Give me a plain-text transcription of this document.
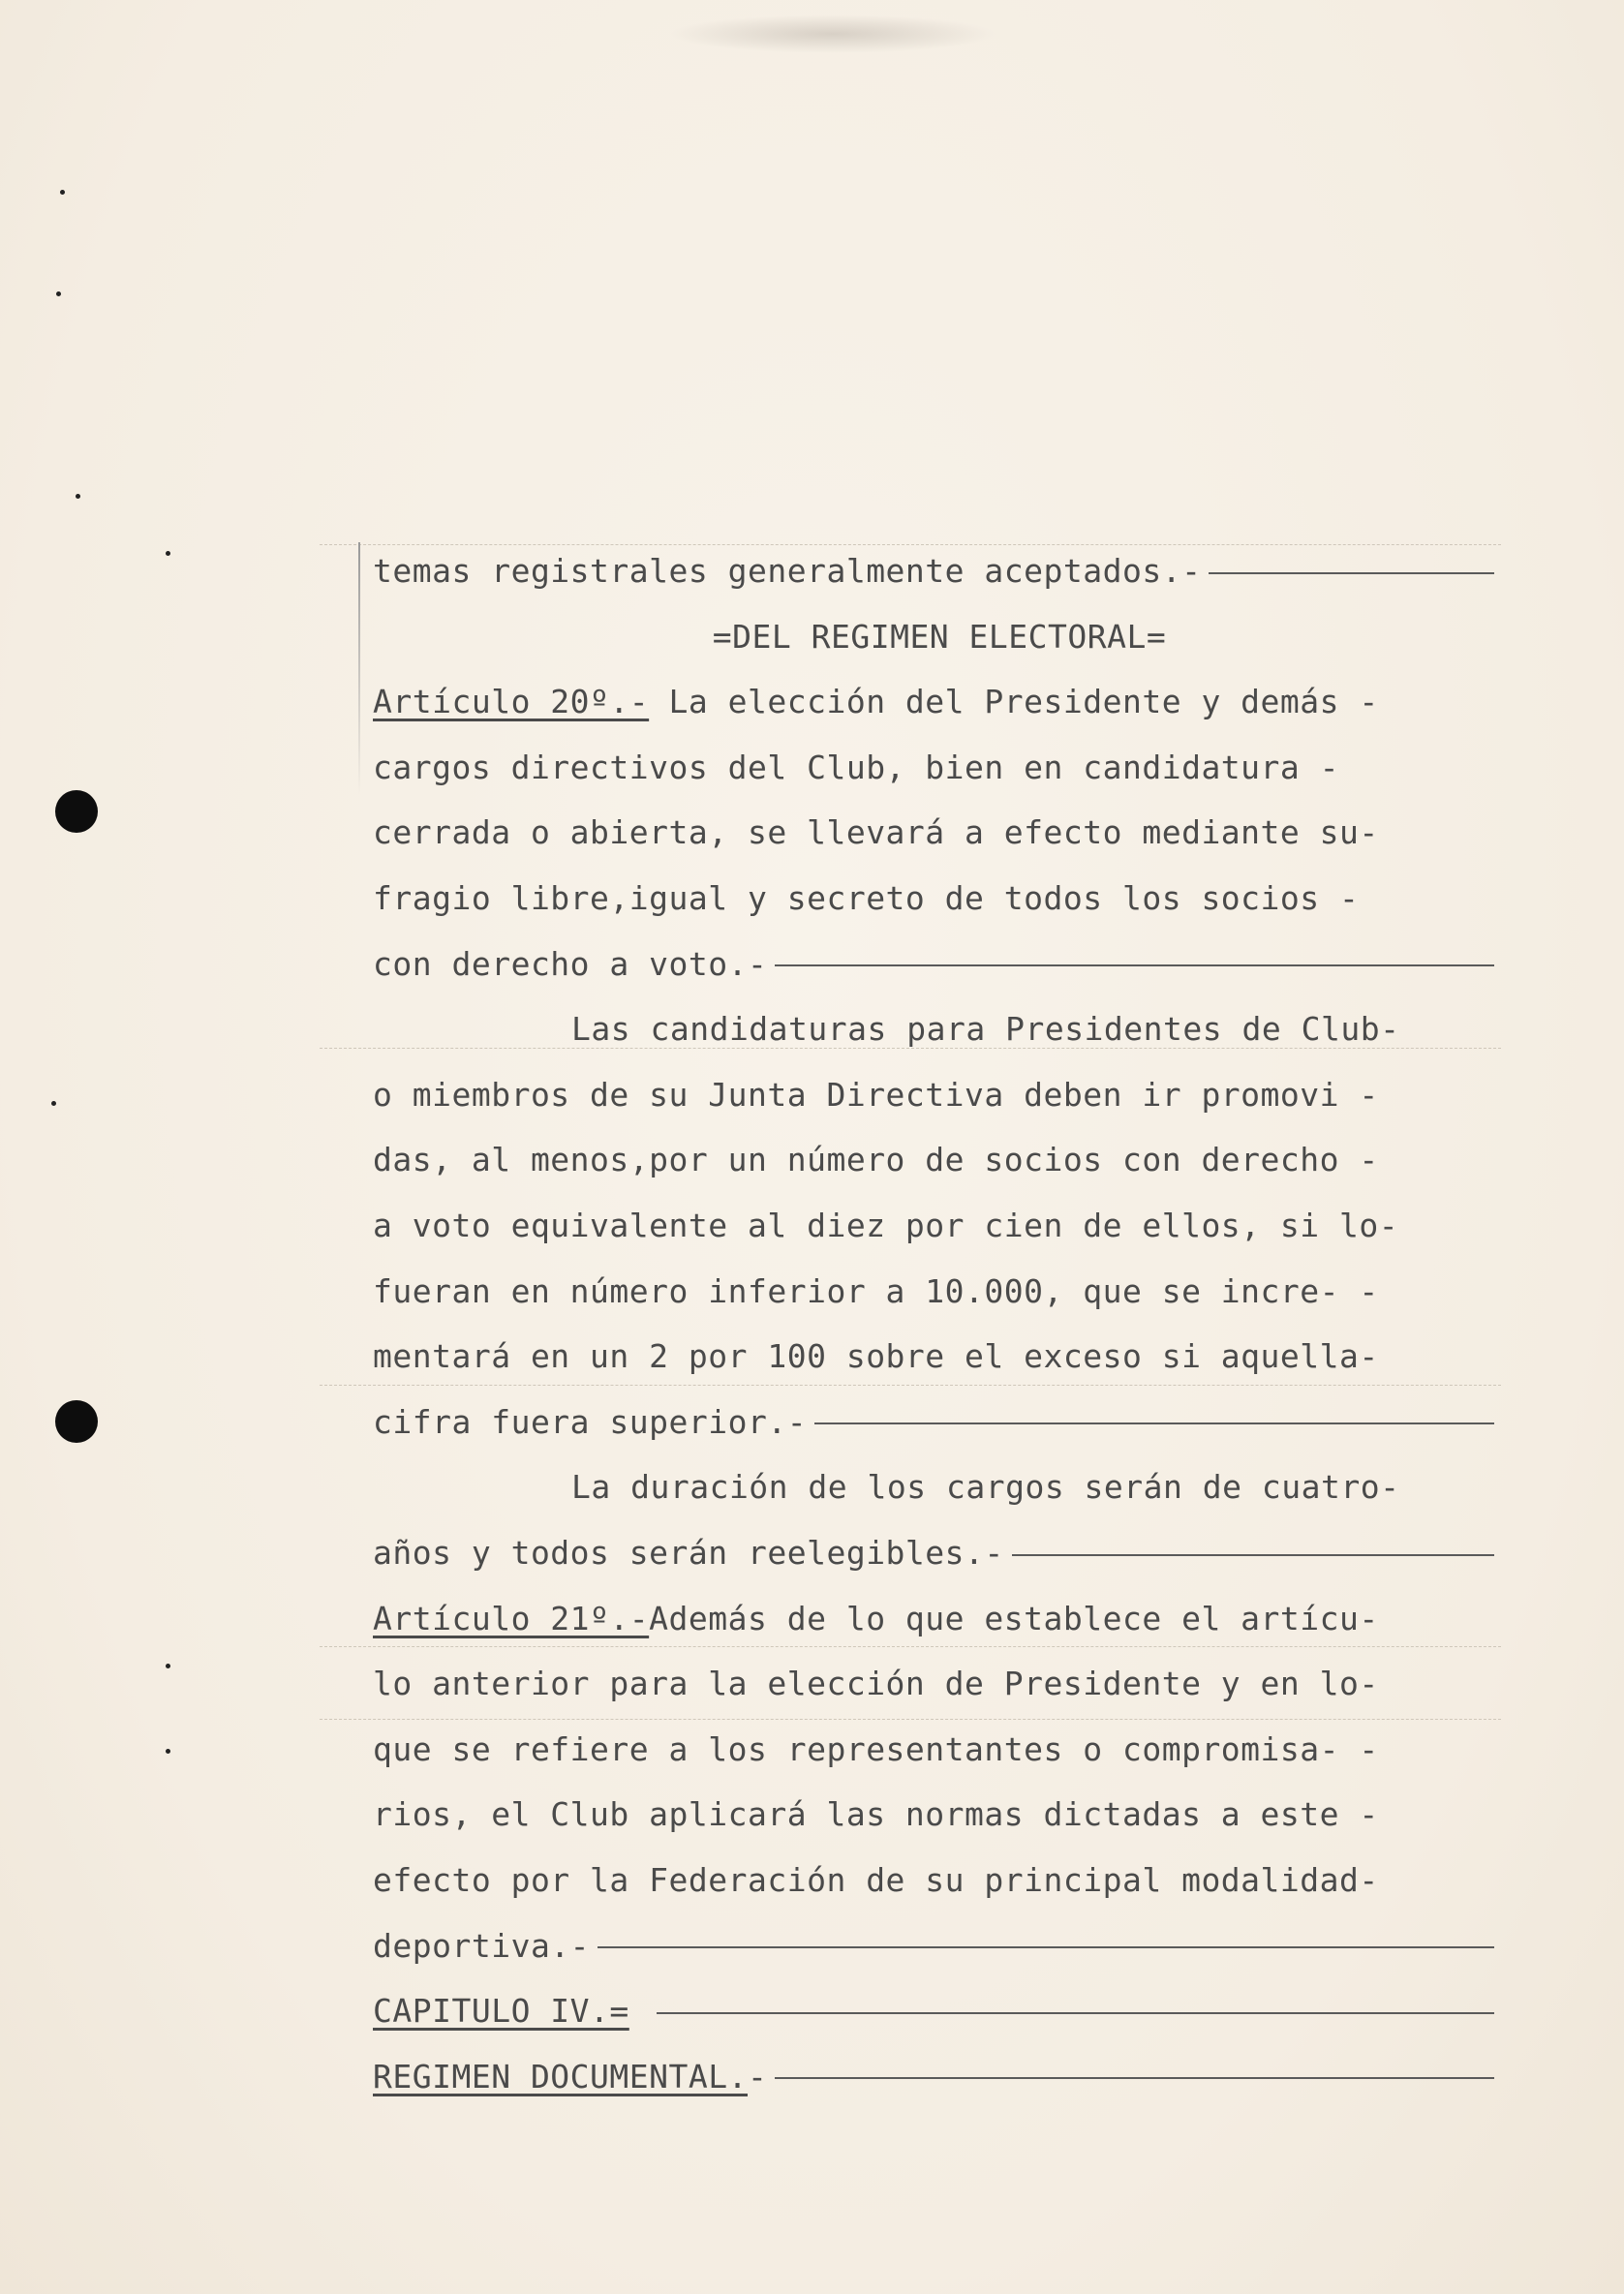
temas registrales generalmente aceptados.-
=DEL REGIMEN ELECTORAL=
Artículo 20º.- La elección del Presidente y demás -
cargos directivos del Club, bien en candidatura -
cerrada o abierta, se llevará a efecto mediante su-
fragio libre,igual y secreto de todos los socios -
con derecho a voto.-
Las candidaturas para Presidentes de Club-
o miembros de su Junta Directiva deben ir promovi -
das, al menos,por un número de socios con derecho -
a voto equivalente al diez por cien de ellos, si lo-
fueran en número inferior a 10.000, que se incre- -
mentará en un 2 por 100 sobre el exceso si aquella-
cifra fuera superior.-
La duración de los cargos serán de cuatro-
años y todos serán reelegibles.-
Artículo 21º.-Además de lo que establece el artícu-
lo anterior para la elección de Presidente y en lo-
que se refiere a los representantes o compromisa- -
rios, el Club aplicará las normas dictadas a este -
efecto por la Federación de su principal modalidad-
deportiva.-
CAPITULO IV.=
REGIMEN DOCUMENTAL.-
